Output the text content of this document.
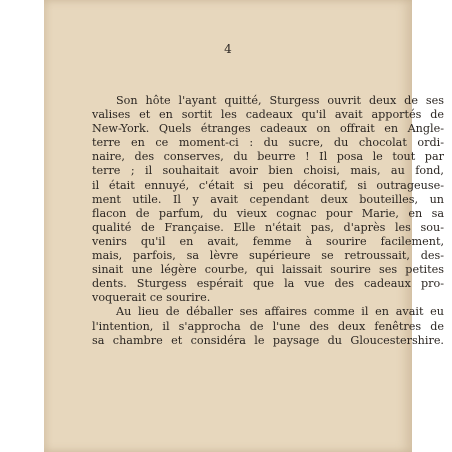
4

Son hôte l'ayant quitté, Sturgess ouvrit deux de ses
valises et en sortit les cadeaux qu'il avait apportés de
New-York. Quels étranges cadeaux on offrait en Angle-
terre en ce moment-ci : du sucre, du chocolat ordi-
naire, des conserves, du beurre ! Il posa le tout par
terre ; il souhaitait avoir bien choisi, mais, au fond,
il était ennuyé, c'était si peu décoratif, si outrageuse-
ment utile. Il y avait cependant deux bouteilles, un
flacon de parfum, du vieux cognac pour Marie, en sa
qualité de Française. Elle n'était pas, d'après les sou-
venirs qu'il en avait, femme à sourire facilement,
mais, parfois, sa lèvre supérieure se retroussait, des-
sinait une légère courbe, qui laissait sourire ses petites
dents. Sturgess espérait que la vue des cadeaux pro-
voquerait ce sourire.
Au lieu de déballer ses affaires comme il en avait eu
l'intention, il s'approcha de l'une des deux fenêtres de
sa chambre et considéra le paysage du Gloucestershire.
